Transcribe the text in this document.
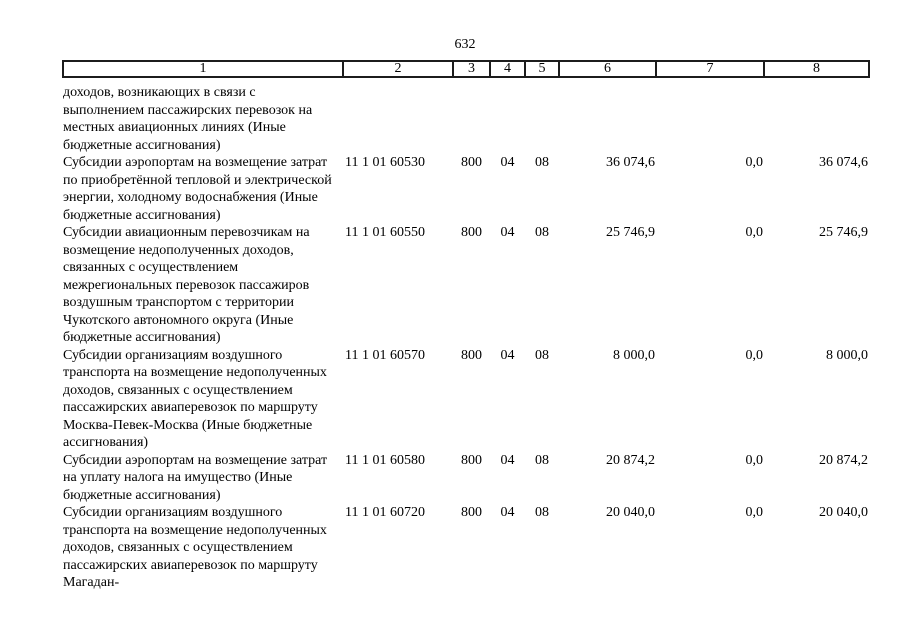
632
1	2	3	4	5	6	7	8
доходов, возникающих в связи с выполнением пассажирских перевозок на местных авиационных линиях (Иные бюджетные ассигнования)							
Субсидии аэропортам на возмещение затрат по приобретённой тепловой и электрической энергии, холодному водоснабжения (Иные бюджетные ассигнования)	11 1 01 60530	800	04	08	36 074,6	0,0	36 074,6
Субсидии авиационным перевозчикам на возмещение недополученных доходов, связанных с осуществлением межрегиональных перевозок пассажиров воздушным транспортом с территории Чукотского автономного округа (Иные бюджетные ассигнования)	11 1 01 60550	800	04	08	25 746,9	0,0	25 746,9
Субсидии организациям воздушного транспорта на возмещение недополученных доходов, связанных с осуществлением пассажирских авиаперевозок по маршруту Москва-Певек-Москва (Иные бюджетные ассигнования)	11 1 01 60570	800	04	08	8 000,0	0,0	8 000,0
Субсидии аэропортам на возмещение затрат на уплату налога на имущество (Иные бюджетные ассигнования)	11 1 01 60580	800	04	08	20 874,2	0,0	20 874,2
Субсидии организациям воздушного транспорта на возмещение недополученных доходов, связанных с осуществлением пассажирских авиаперевозок по маршруту Магадан-	11 1 01 60720	800	04	08	20 040,0	0,0	20 040,0
